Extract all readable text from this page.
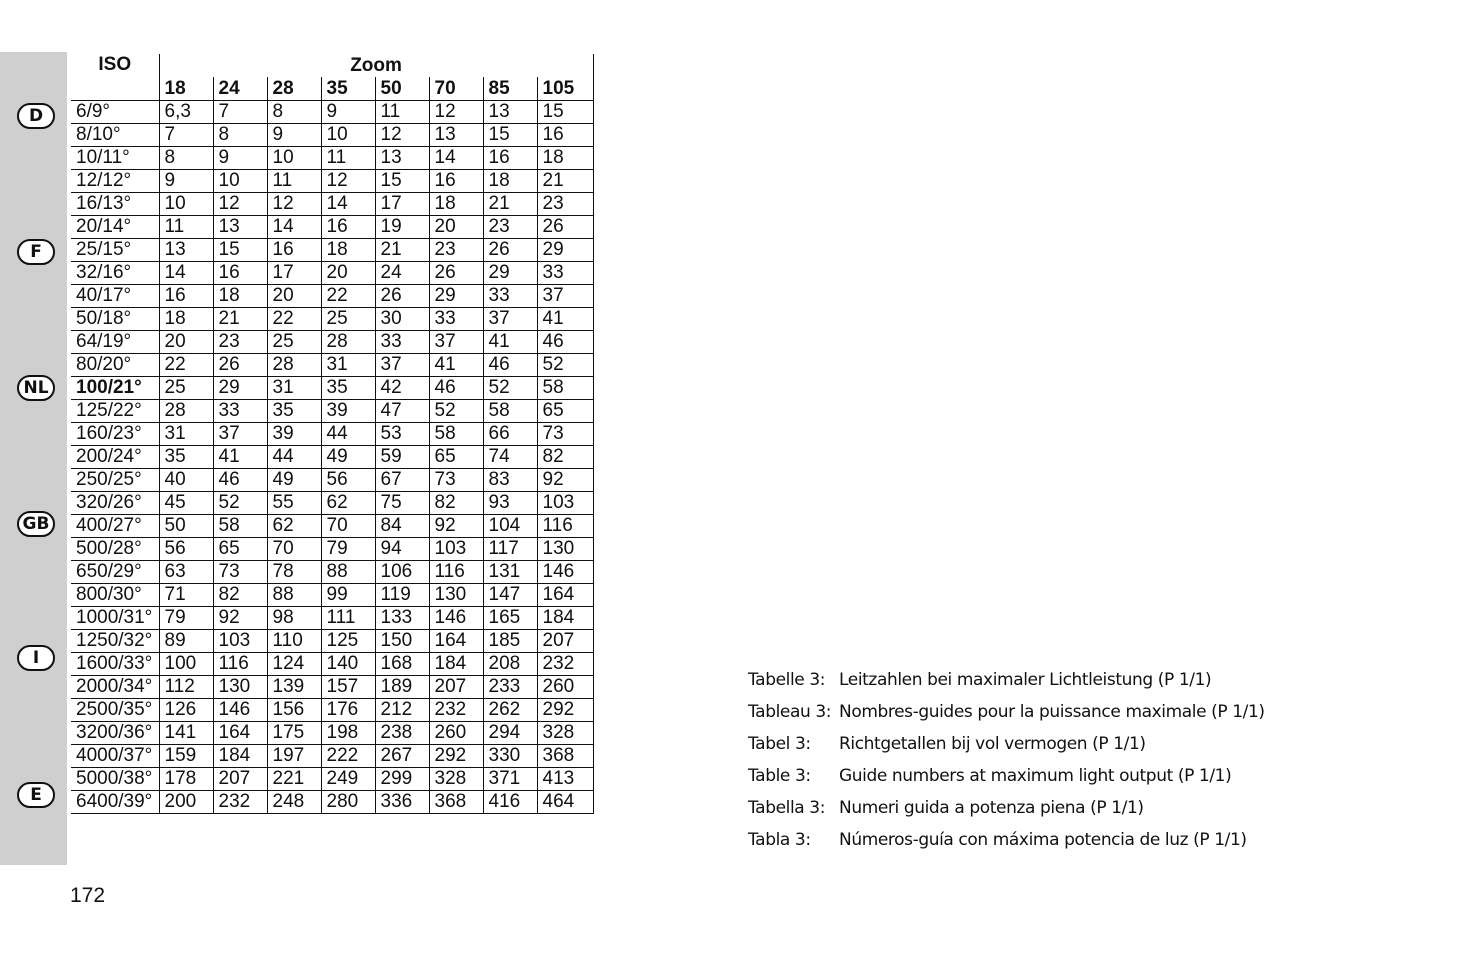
D
F
NL
GB
I
E
ISO	Zoom							
	18	24	28	35	50	70	85	105
6/9°	6,3	7	8	9	11	12	13	15
8/10°	7	8	9	10	12	13	15	16
10/11°	8	9	10	11	13	14	16	18
12/12°	9	10	11	12	15	16	18	21
16/13°	10	12	12	14	17	18	21	23
20/14°	11	13	14	16	19	20	23	26
25/15°	13	15	16	18	21	23	26	29
32/16°	14	16	17	20	24	26	29	33
40/17°	16	18	20	22	26	29	33	37
50/18°	18	21	22	25	30	33	37	41
64/19°	20	23	25	28	33	37	41	46
80/20°	22	26	28	31	37	41	46	52
100/21°	25	29	31	35	42	46	52	58
125/22°	28	33	35	39	47	52	58	65
160/23°	31	37	39	44	53	58	66	73
200/24°	35	41	44	49	59	65	74	82
250/25°	40	46	49	56	67	73	83	92
320/26°	45	52	55	62	75	82	93	103
400/27°	50	58	62	70	84	92	104	116
500/28°	56	65	70	79	94	103	117	130
650/29°	63	73	78	88	106	116	131	146
800/30°	71	82	88	99	119	130	147	164
1000/31°	79	92	98	111	133	146	165	184
1250/32°	89	103	110	125	150	164	185	207
1600/33°	100	116	124	140	168	184	208	232
2000/34°	112	130	139	157	189	207	233	260
2500/35°	126	146	156	176	212	232	262	292
3200/36°	141	164	175	198	238	260	294	328
4000/37°	159	184	197	222	267	292	330	368
5000/38°	178	207	221	249	299	328	371	413
6400/39°	200	232	248	280	336	368	416	464
Tabelle 3: Leitzahlen bei maximaler Lichtleistung (P 1/1)
Tableau 3: Nombres-guides pour la puissance maximale (P 1/1)
Tabel 3: Richtgetallen bij vol vermogen (P 1/1)
Table 3: Guide numbers at maximum light output (P 1/1)
Tabella 3: Numeri guida a potenza piena (P 1/1)
Tabla 3: Números-guía con máxima potencia de luz (P 1/1)
172
